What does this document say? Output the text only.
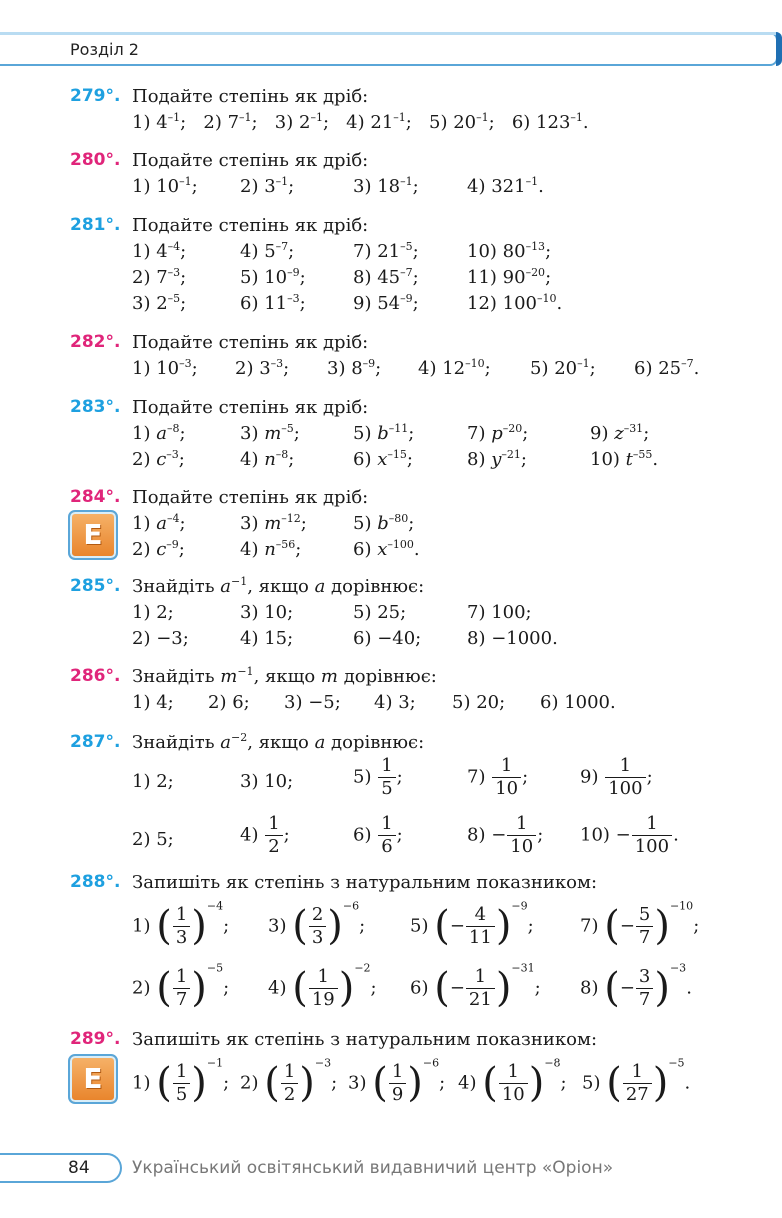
Розділ 2
279°. Подайте степінь як дріб:
1) $4^{-1}$;   2) $7^{-1}$;   3) $2^{-1}$;   4) $21^{-1}$;   5) $20^{-1}$;   6) $123^{-1}$.
280°. Подайте степінь як дріб:
1) $10^{-1}$; 2) $3^{-1}$;	3) $18^{-1}$;	4) $321^{-1}$.
281°. Подайте степінь як дріб:
1) $4^{-4}$;	4) $5^{-7}$;	7) $21^{-5}$;	10) $80^{-13}$;
2) $7^{-3}$;	5) $10^{-9}$;	8) $45^{-7}$;	11) $90^{-20}$;
3) $2^{-5}$;	6) $11^{-3}$;	9) $54^{-9}$;	12) $100^{-10}$.
282°. Подайте степінь як дріб:
1) $10^{-3}$; 2) $3^{-3}$; 3) $8^{-9}$; 4) $12^{-10}$; 5) $20^{-1}$; 6) $25^{-7}$.
283°. Подайте степінь як дріб:
1) $a^{-8}$;	3) $m^{-5}$;	5) $b^{-11}$;	7) $p^{-20}$;	9) $z^{-31}$;
2) $c^{-3}$;	4) $n^{-8}$;	6) $x^{-15}$;	8) $y^{-21}$;	10) $t^{-55}$.
E
284°. Подайте степінь як дріб:
1) $a^{-4}$;	3) $m^{-12}$;	5) $b^{-80}$;
2) $c^{-9}$;	4) $n^{-56}$;	6) $x^{-100}$.
285°. Знайдіть $a^{-1}$, якщо a дорівнює:
1) 2;	3) 10;	5) 25;	7) 100;
2) −3;	4) 15;	6) −40;	8) −1000.
286°. Знайдіть $m^{-1}$, якщо m дорівнює:
1) 4; 2) 6; 3) −5; 4) 3; 5) 20; 6) 1000.
287°. Знайдіть $a^{-2}$, якщо a дорівнює:
1) 2;	3) 10;	$5) \frac{1}{5}$ ;	$7) \frac{1}{10}$ ;	$9) \frac{1}{100}$ ;
2) 5;	$4) \frac{1}{2}$ ;	$6) \frac{1}{6}$ ;	$8) - \frac{1}{10}$ ; $10) - \frac{1}{100}$ .
288°. Запишіть як степінь з натуральним показником:
1) ( $\frac{1}{3} )^{-4}$; 3) ( $\frac{2}{3} )^{-6}$; 5) (− $\frac{4}{11} )^{-9}$;	7) (− $\frac{5}{7} )^{-10}$;
2) ( $\frac{1}{7} )^{-5}$; 4) ( $\frac{1}{19} )^{-2}$; 6) (− $\frac{1}{21} )^{-31}$; 8) (− $\frac{3}{7} )^{-3}$.
E
289°. Запишіть як степінь з натуральним показником:
1) ( $\frac{1}{5} )^{-1}$; 2) ( $\frac{1}{2} )^{-3}$; 3) ( $\frac{1}{9} )^{-6}$; 4) ( $\frac{1}{10} )^{-8}$; 5) ( $\frac{1}{27} )^{-5}$.
84 Український освітянський видавничий центр «Оріон»
